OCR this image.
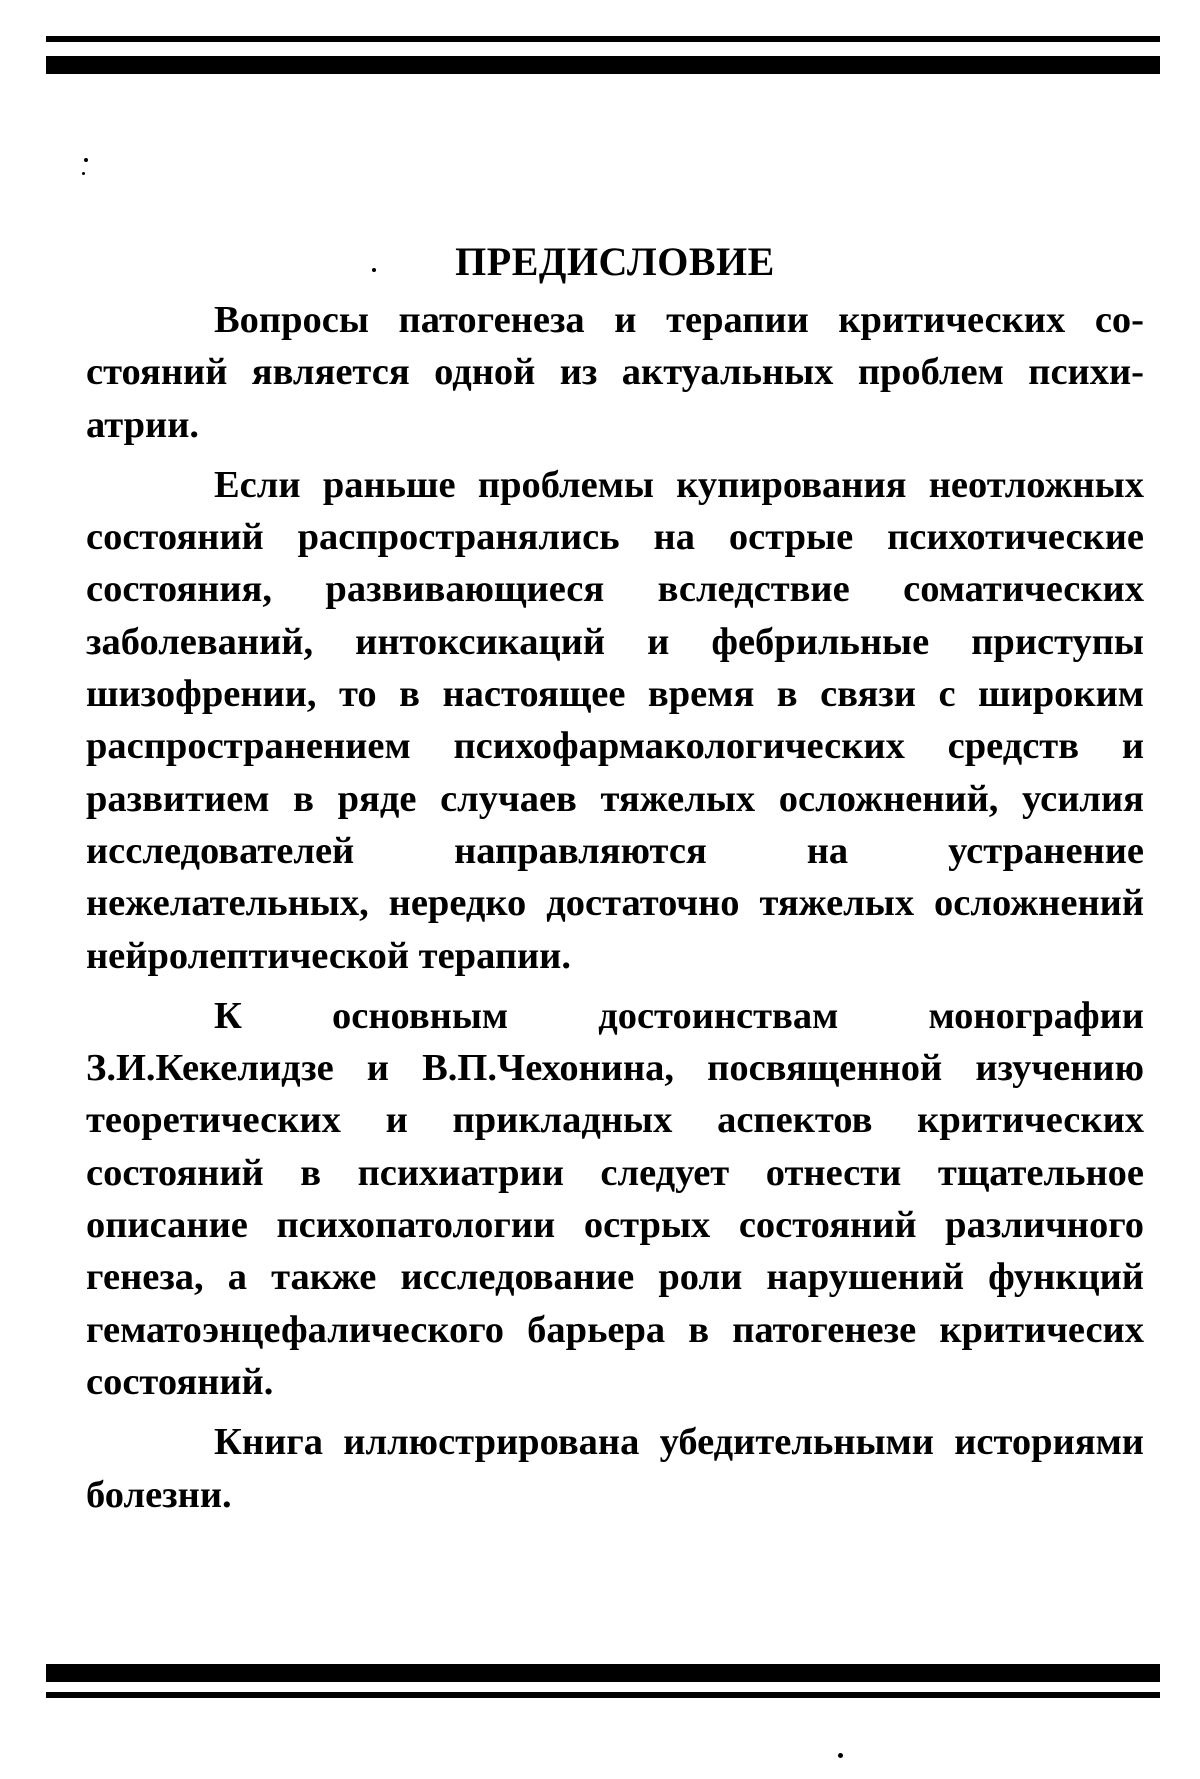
ПРЕДИСЛОВИЕ

Вопросы патогенеза и терапии критических состояний является одной из актуальных проблем психиатрии.

Если раньше проблемы купирования неотложных состояний распространялись на острые психотические состояния, развивающиеся вследствие соматических заболеваний, интоксикаций и фебрильные приступы шизофрении, то в настоящее время в связи с широким распространением психофармакологических средств и развитием в ряде случаев тяжелых осложнений, усилия исследователей направляются на устранение нежелательных, нередко достаточно тяжелых осложнений нейролептической терапии.

К основным достоинствам монографии З.И.Кекелидзе и В.П.Чехонина, посвященной изучению теоретических и прикладных аспектов критических состояний в психиатрии следует отнести тщательное описание психопатологии острых состояний различного генеза, а также исследование роли нарушений функций гематоэнцефалического барьера в патогенезе критичесих состояний.

Книга иллюстрирована убедительными историями болезни.
